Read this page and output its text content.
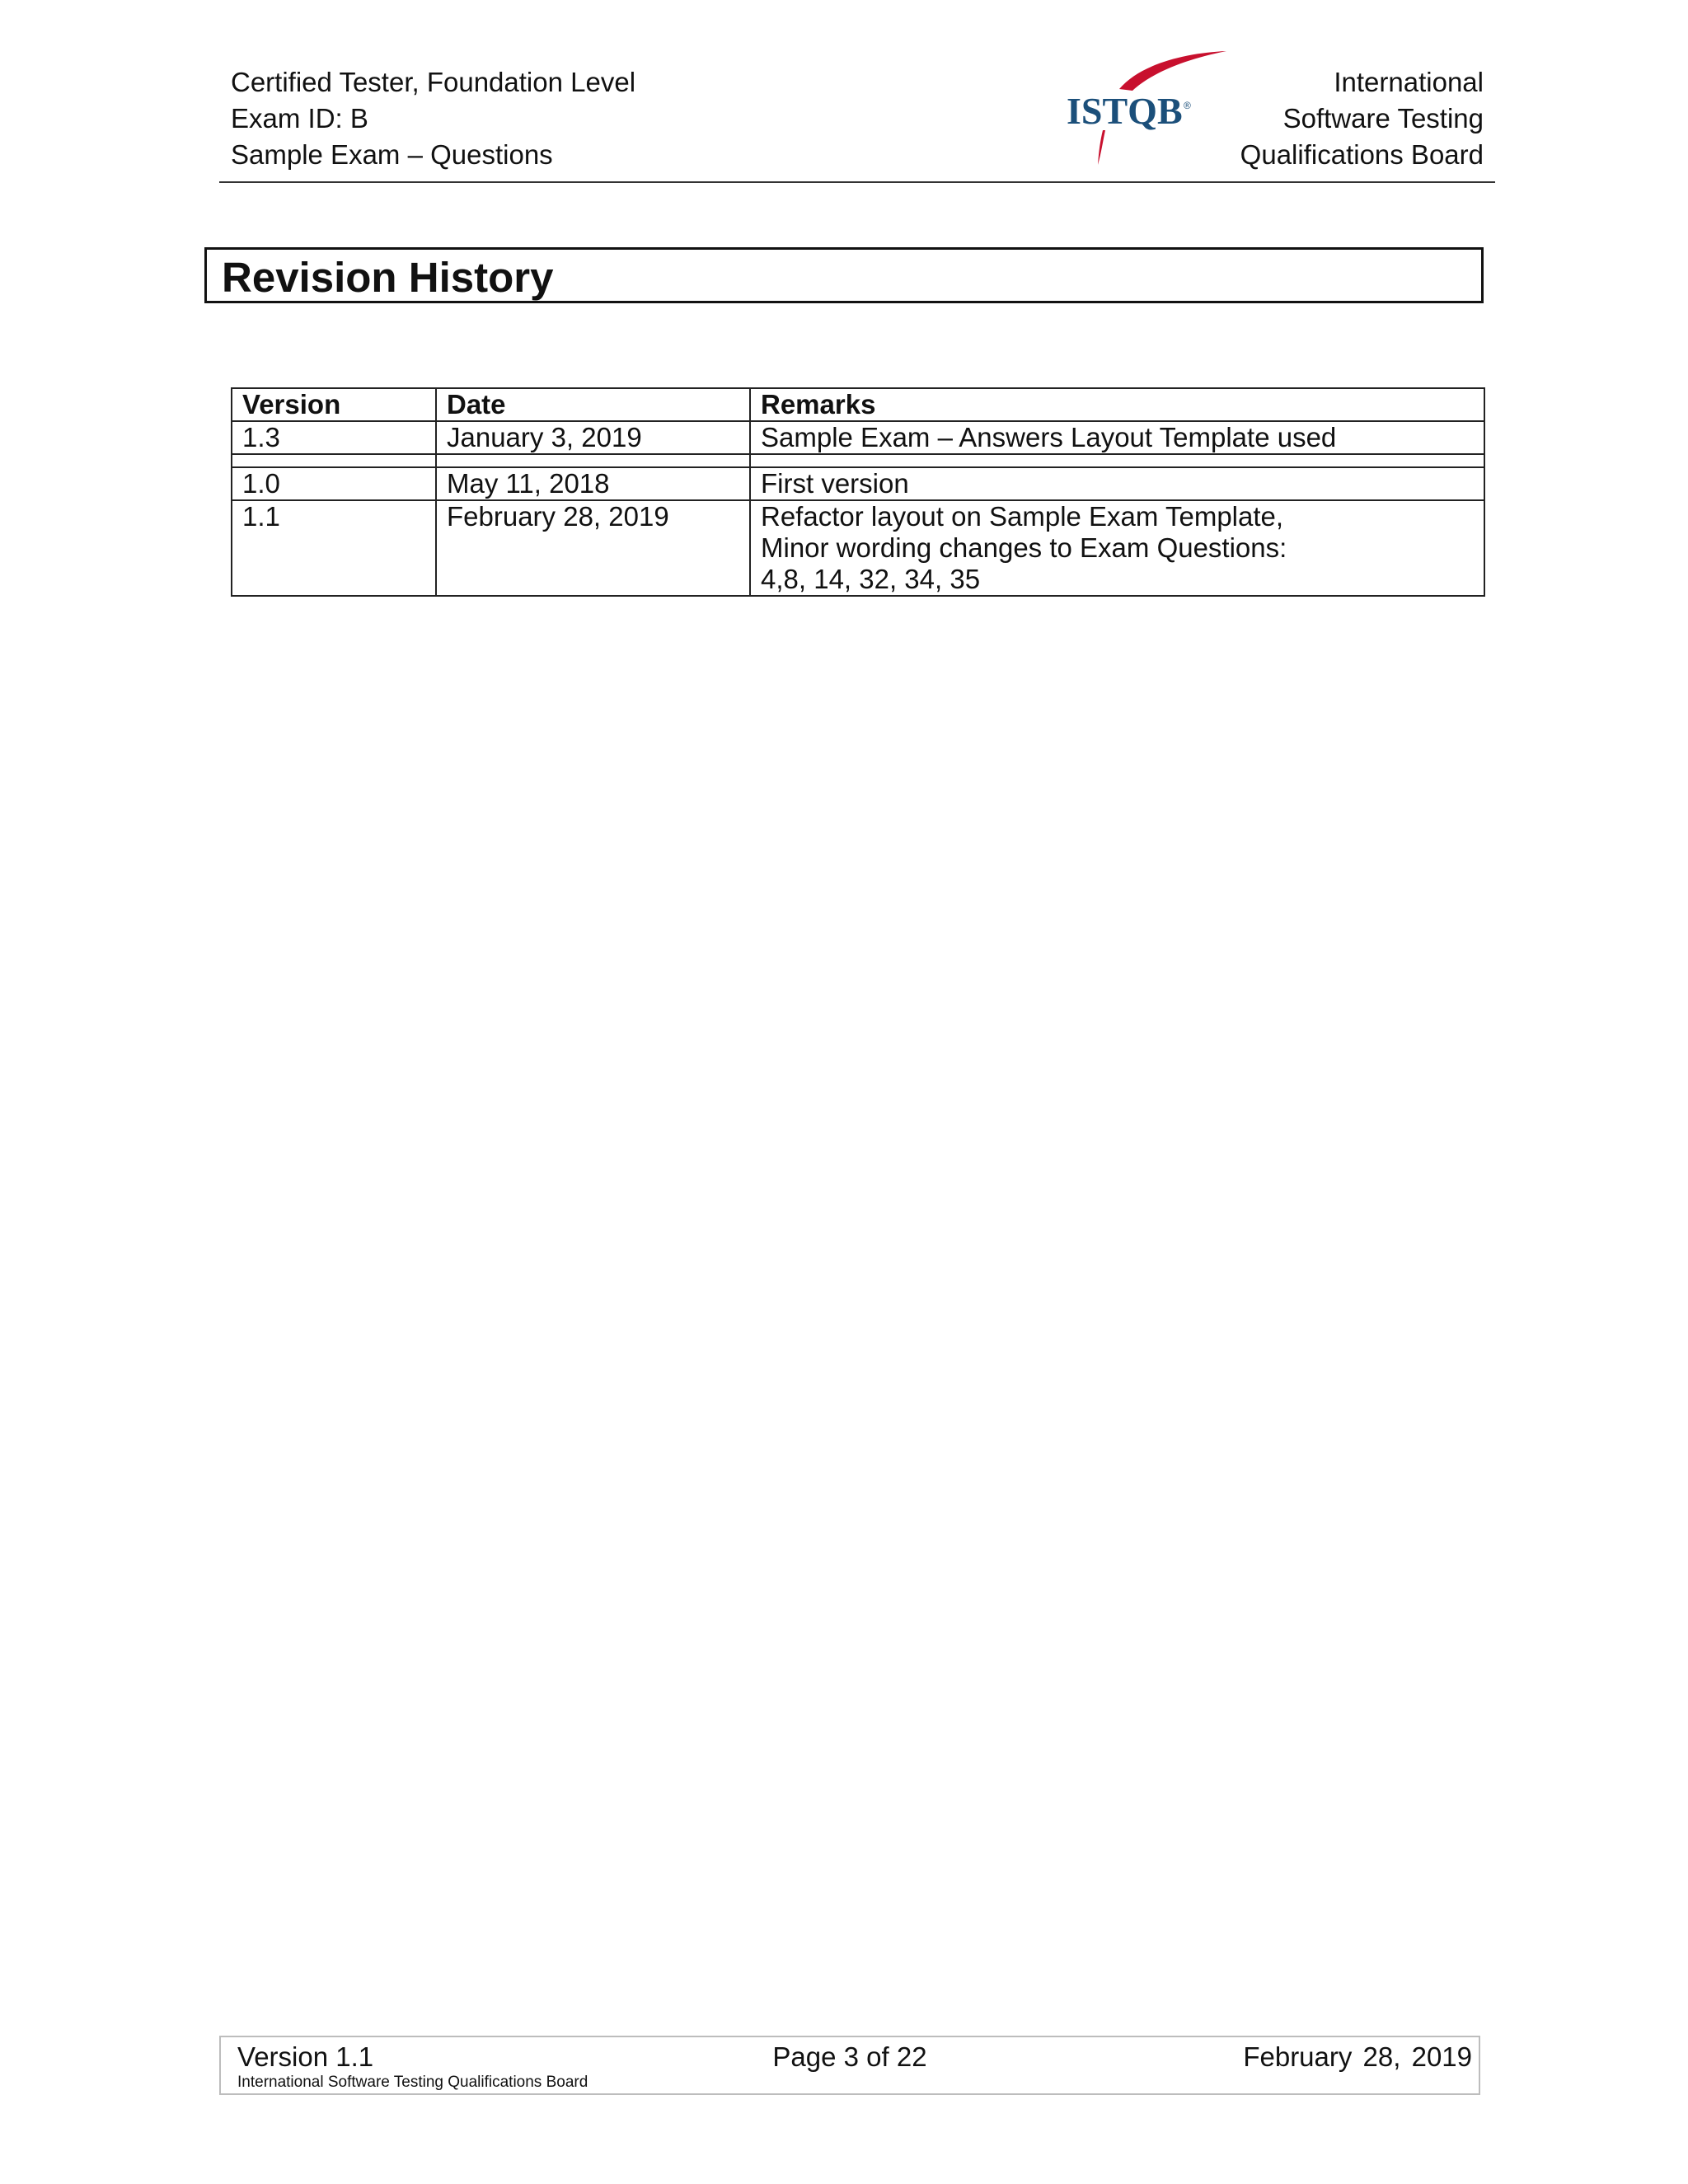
Certified Tester, Foundation Level
Exam ID: B
Sample Exam – Questions
ISTQB ®
International
Software Testing
Qualifications Board
Revision History
Version	Date	Remarks
1.3	January 3, 2019	Sample Exam – Answers Layout Template used

1.0	May 11, 2018	First version

1.1	February 28, 2019	Refactor layout on Sample Exam Template,
Minor wording changes to Exam Questions:
4,8, 14, 32, 34, 35
Page 3 of 22
Version 1.1
International Software Testing Qualifications Board
February 28, 2019
